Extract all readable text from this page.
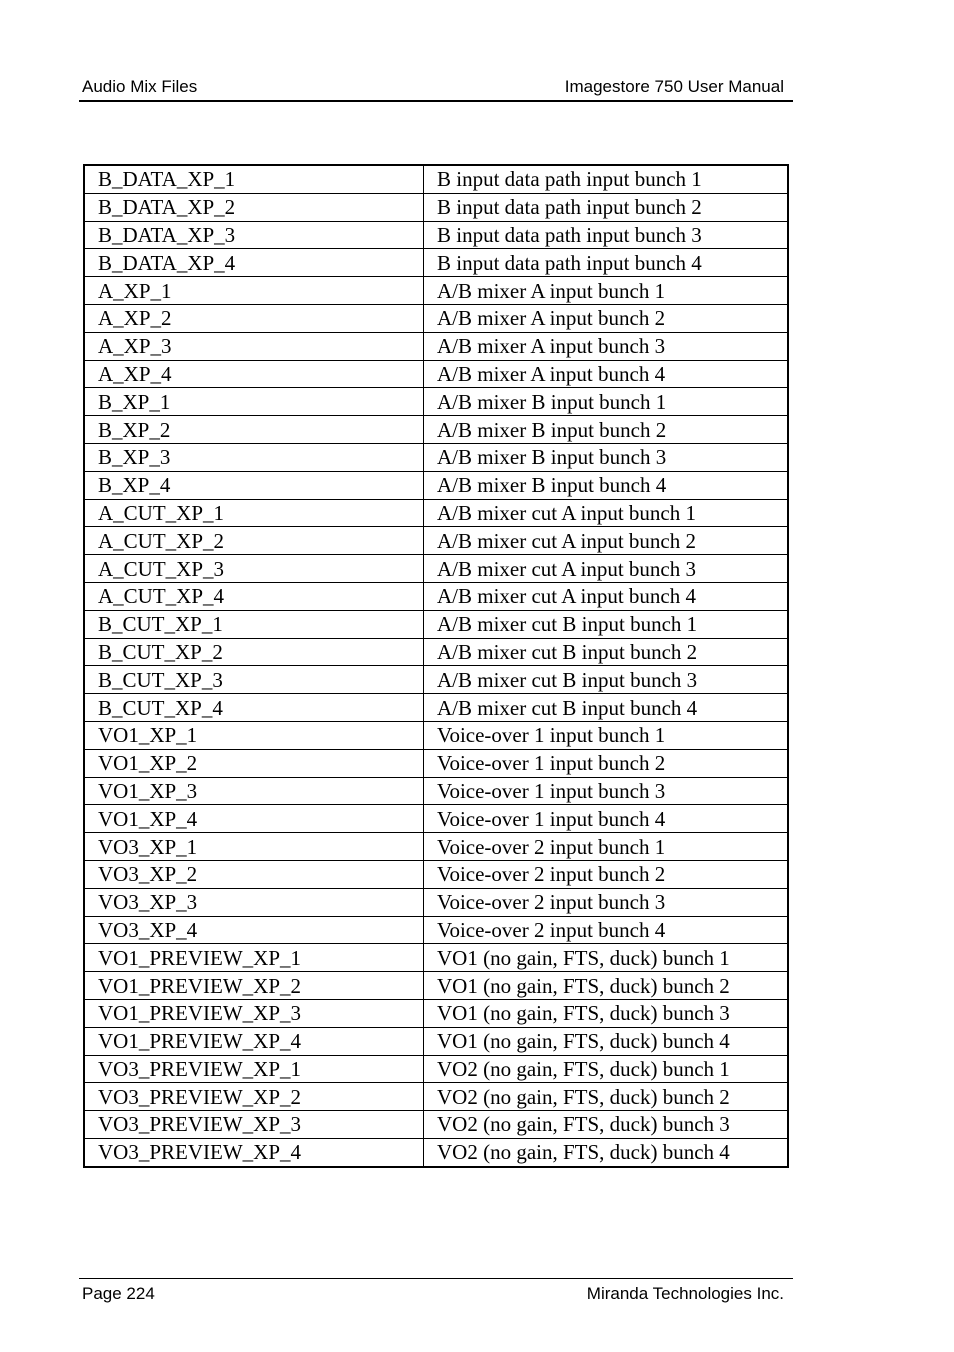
Audio Mix Files	Imagestore 750 User Manual
B_DATA_XP_1	B input data path input bunch 1
B_DATA_XP_2	B input data path input bunch 2
B_DATA_XP_3	B input data path input bunch 3
B_DATA_XP_4	B input data path input bunch 4
A_XP_1	A/B mixer A input bunch 1
A_XP_2	A/B mixer A input bunch 2
A_XP_3	A/B mixer A input bunch 3
A_XP_4	A/B mixer A input bunch 4
B_XP_1	A/B mixer B input bunch 1
B_XP_2	A/B mixer B input bunch 2
B_XP_3	A/B mixer B input bunch 3
B_XP_4	A/B mixer B input bunch 4
A_CUT_XP_1	A/B mixer cut A input bunch 1
A_CUT_XP_2	A/B mixer cut A input bunch 2
A_CUT_XP_3	A/B mixer cut A input bunch 3
A_CUT_XP_4	A/B mixer cut A input bunch 4
B_CUT_XP_1	A/B mixer cut B input bunch 1
B_CUT_XP_2	A/B mixer cut B input bunch 2
B_CUT_XP_3	A/B mixer cut B input bunch 3
B_CUT_XP_4	A/B mixer cut B input bunch 4
VO1_XP_1	Voice-over 1 input bunch 1
VO1_XP_2	Voice-over 1 input bunch 2
VO1_XP_3	Voice-over 1 input bunch 3
VO1_XP_4	Voice-over 1 input bunch 4
VO3_XP_1	Voice-over 2 input bunch 1
VO3_XP_2	Voice-over 2 input bunch 2
VO3_XP_3	Voice-over 2 input bunch 3
VO3_XP_4	Voice-over 2 input bunch 4
VO1_PREVIEW_XP_1	VO1 (no gain, FTS, duck) bunch 1
VO1_PREVIEW_XP_2	VO1 (no gain, FTS, duck) bunch 2
VO1_PREVIEW_XP_3	VO1 (no gain, FTS, duck) bunch 3
VO1_PREVIEW_XP_4	VO1 (no gain, FTS, duck) bunch 4
VO3_PREVIEW_XP_1	VO2 (no gain, FTS, duck) bunch 1
VO3_PREVIEW_XP_2	VO2 (no gain, FTS, duck) bunch 2
VO3_PREVIEW_XP_3	VO2 (no gain, FTS, duck) bunch 3
VO3_PREVIEW_XP_4	VO2 (no gain, FTS, duck) bunch 4
Page 224	Miranda Technologies Inc.
